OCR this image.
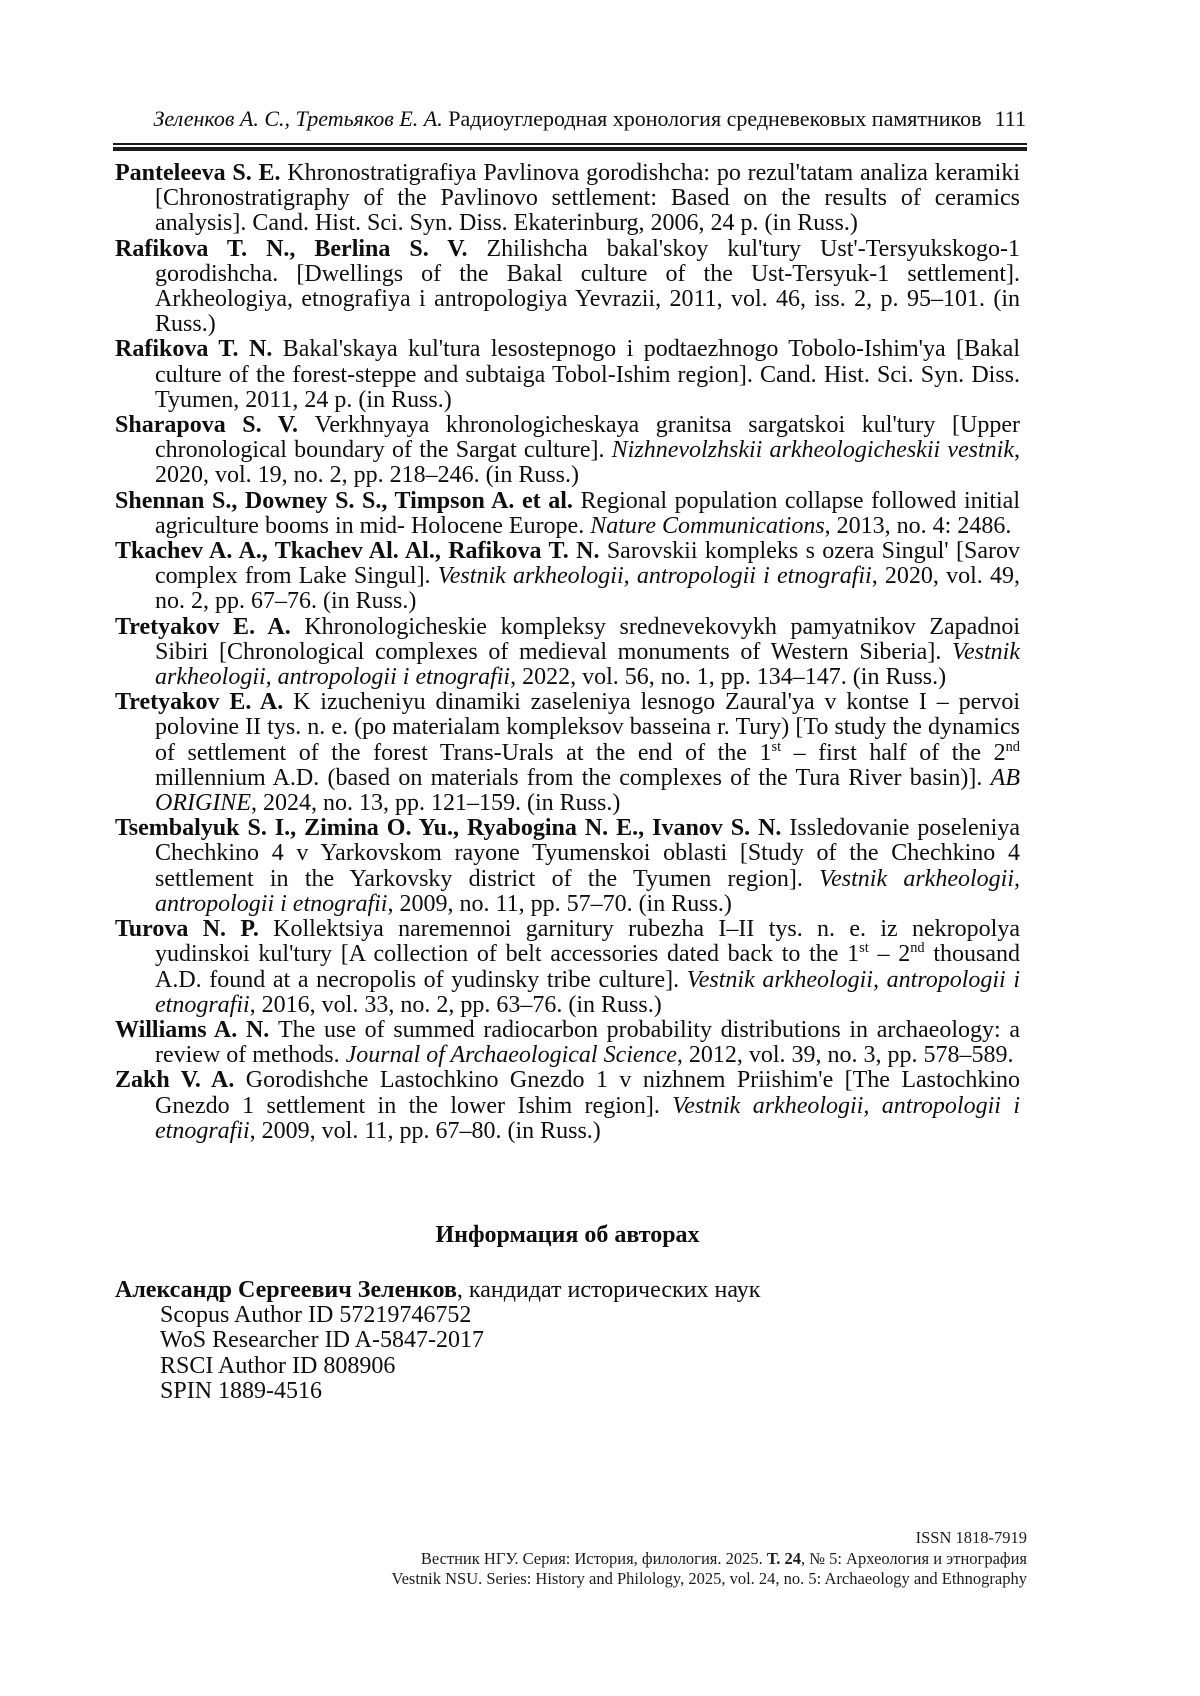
Зеленков А. С., Третьяков Е. А. Радиоуглеродная хронология средневековых памятников 111

Panteleeva S. E. Khronostratigrafiya Pavlinova gorodishcha: po rezul'tatam analiza keramiki [Chronostratigraphy of the Pavlinovo settlement: Based on the results of ceramics analysis]. Cand. Hist. Sci. Syn. Diss. Ekaterinburg, 2006, 24 p. (in Russ.)

Rafikova T. N., Berlina S. V. Zhilishcha bakal'skoy kul'tury Ust'-Tersyukskogo-1 gorodishcha. [Dwellings of the Bakal culture of the Ust-Tersyuk-1 settlement]. Arkheologiya, etnografiya i antropologiya Yevrazii, 2011, vol. 46, iss. 2, p. 95–101. (in Russ.)

Rafikova T. N. Bakal'skaya kul'tura lesostepnogo i podtaezhnogo Tobolo-Ishim'ya [Bakal culture of the forest-steppe and subtaiga Tobol-Ishim region]. Cand. Hist. Sci. Syn. Diss. Tyumen, 2011, 24 p. (in Russ.)

Sharapova S. V. Verkhnyaya khronologicheskaya granitsa sargatskoi kul'tury [Upper chronological boundary of the Sargat culture]. Nizhnevolzhskii arkheologicheskii vestnik, 2020, vol. 19, no. 2, pp. 218–246. (in Russ.)

Shennan S., Downey S. S., Timpson A. et al. Regional population collapse followed initial agriculture booms in mid- Holocene Europe. Nature Communications, 2013, no. 4: 2486.

Tkachev A. A., Tkachev Al. Al., Rafikova T. N. Sarovskii kompleks s ozera Singul' [Sarov complex from Lake Singul]. Vestnik arkheologii, antropologii i etnografii, 2020, vol. 49, no. 2, pp. 67–76. (in Russ.)

Tretyakov E. A. Khronologicheskie kompleksy srednevekovykh pamyatnikov Zapadnoi Sibiri [Chronological complexes of medieval monuments of Western Siberia]. Vestnik arkheologii, antropologii i etnografii, 2022, vol. 56, no. 1, pp. 134–147. (in Russ.)

Tretyakov E. A. K izucheniyu dinamiki zaseleniya lesnogo Zaural'ya v kontse I – pervoi polovine II tys. n. e. (po materialam kompleksov basseina r. Tury) [To study the dynamics of settlement of the forest Trans-Urals at the end of the 1st – first half of the 2nd millennium A.D. (based on materials from the complexes of the Tura River basin)]. AB ORIGINE, 2024, no. 13, pp. 121–159. (in Russ.)

Tsembalyuk S. I., Zimina O. Yu., Ryabogina N. E., Ivanov S. N. Issledovanie poseleniya Chechkino 4 v Yarkovskom rayone Tyumenskoi oblasti [Study of the Chechkino 4 settlement in the Yarkovsky district of the Tyumen region]. Vestnik arkheologii, antropologii i etnografii, 2009, no. 11, pp. 57–70. (in Russ.)

Turova N. P. Kollektsiya naremennoi garnitury rubezha I–II tys. n. e. iz nekropolya yudinskoi kul'tury [A collection of belt accessories dated back to the 1st – 2nd thousand A.D. found at a necropolis of yudinsky tribe culture]. Vestnik arkheologii, antropologii i etnografii, 2016, vol. 33, no. 2, pp. 63–76. (in Russ.)

Williams A. N. The use of summed radiocarbon probability distributions in archaeology: a review of methods. Journal of Archaeological Science, 2012, vol. 39, no. 3, pp. 578–589.

Zakh V. A. Gorodishche Lastochkino Gnezdo 1 v nizhnem Priishim'e [The Lastochkino Gnezdo 1 settlement in the lower Ishim region]. Vestnik arkheologii, antropologii i etnografii, 2009, vol. 11, pp. 67–80. (in Russ.)

Информация об авторах
Александр Сергеевич Зеленков, кандидат исторических наук
Scopus Author ID 57219746752
WoS Researcher ID A-5847-2017
RSCI Author ID 808906
SPIN 1889-4516
ISSN 1818-7919
Вестник НГУ. Серия: История, филология. 2025. Т. 24, № 5: Археология и этнография
Vestnik NSU. Series: History and Philology, 2025, vol. 24, no. 5: Archaeology and Ethnography
